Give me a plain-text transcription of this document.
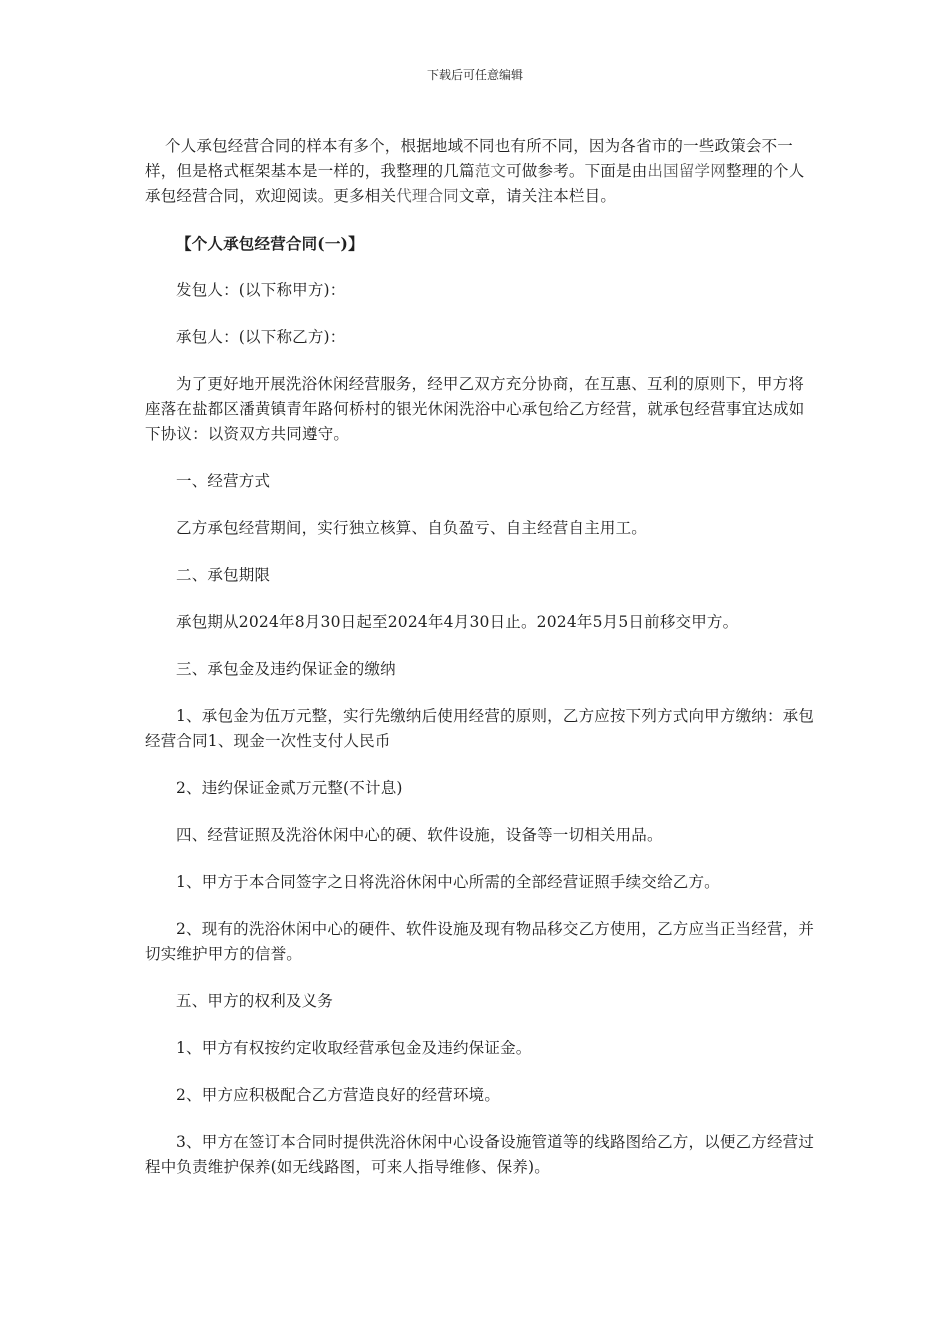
下载后可任意编辑

个人承包经营合同的样本有多个，根据地域不同也有所不同，因为各省市的一些政策会不一样，但是格式框架基本是一样的，我整理的几篇范文可做参考。下面是由出国留学网整理的个人承包经营合同，欢迎阅读。更多相关代理合同文章，请关注本栏目。

【个人承包经营合同(一)】

发包人：(以下称甲方)：

承包人：(以下称乙方)：

为了更好地开展洗浴休闲经营服务，经甲乙双方充分协商，在互惠、互利的原则下，甲方将座落在盐都区潘黄镇青年路何桥村的银光休闲洗浴中心承包给乙方经营，就承包经营事宜达成如下协议：以资双方共同遵守。

一、经营方式

乙方承包经营期间，实行独立核算、自负盈亏、自主经营自主用工。

二、承包期限

承包期从2024年8月30日起至2024年4月30日止。2024年5月5日前移交甲方。

三、承包金及违约保证金的缴纳

1、承包金为伍万元整，实行先缴纳后使用经营的原则，乙方应按下列方式向甲方缴纳：承包经营合同1、现金一次性支付人民币

2、违约保证金贰万元整(不计息)

四、经营证照及洗浴休闲中心的硬、软件设施，设备等一切相关用品。

1、甲方于本合同签字之日将洗浴休闲中心所需的全部经营证照手续交给乙方。

2、现有的洗浴休闲中心的硬件、软件设施及现有物品移交乙方使用，乙方应当正当经营，并切实维护甲方的信誉。

五、甲方的权利及义务

1、甲方有权按约定收取经营承包金及违约保证金。

2、甲方应积极配合乙方营造良好的经营环境。

3、甲方在签订本合同时提供洗浴休闲中心设备设施管道等的线路图给乙方，以便乙方经营过程中负责维护保养(如无线路图，可来人指导维修、保养)。
